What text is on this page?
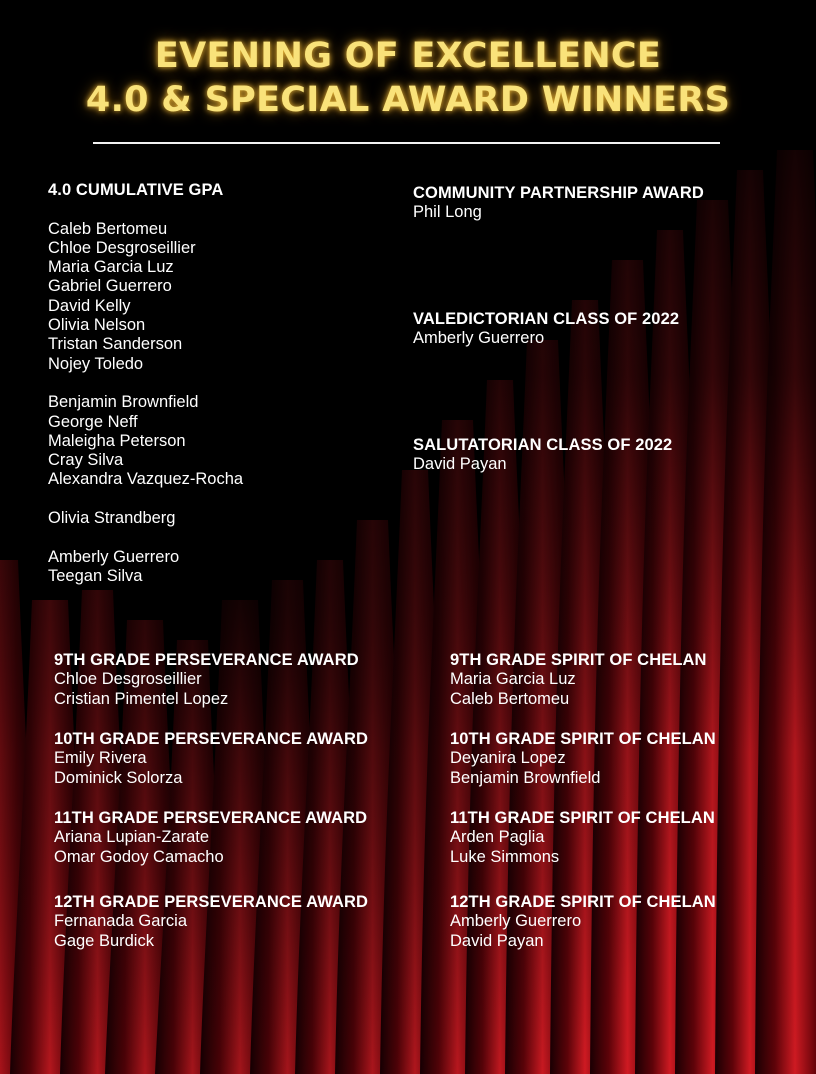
EVENING OF EXCELLENCE
4.0 & SPECIAL AWARD WINNERS
4.0 CUMULATIVE GPA
Caleb Bertomeu
Chloe Desgroseillier
Maria Garcia Luz
Gabriel Guerrero
David Kelly
Olivia Nelson
Tristan Sanderson
Nojey Toledo
Benjamin Brownfield
George Neff
Maleigha Peterson
Cray Silva
Alexandra Vazquez-Rocha
Olivia Strandberg
Amberly Guerrero
Teegan Silva
COMMUNITY PARTNERSHIP AWARD
Phil Long
VALEDICTORIAN CLASS OF 2022
Amberly Guerrero
SALUTATORIAN CLASS OF 2022
David Payan
9TH GRADE PERSEVERANCE AWARD
Chloe Desgroseillier
Cristian Pimentel Lopez
10TH GRADE PERSEVERANCE AWARD
Emily Rivera
Dominick Solorza
11TH GRADE PERSEVERANCE AWARD
Ariana Lupian-Zarate
Omar Godoy Camacho
12TH GRADE PERSEVERANCE AWARD
Fernanada Garcia
Gage Burdick
9TH GRADE SPIRIT OF CHELAN
Maria Garcia Luz
Caleb Bertomeu
10TH GRADE SPIRIT OF CHELAN
Deyanira Lopez
Benjamin Brownfield
11TH GRADE SPIRIT OF CHELAN
Arden Paglia
Luke Simmons
12TH GRADE SPIRIT OF CHELAN
Amberly Guerrero
David Payan
